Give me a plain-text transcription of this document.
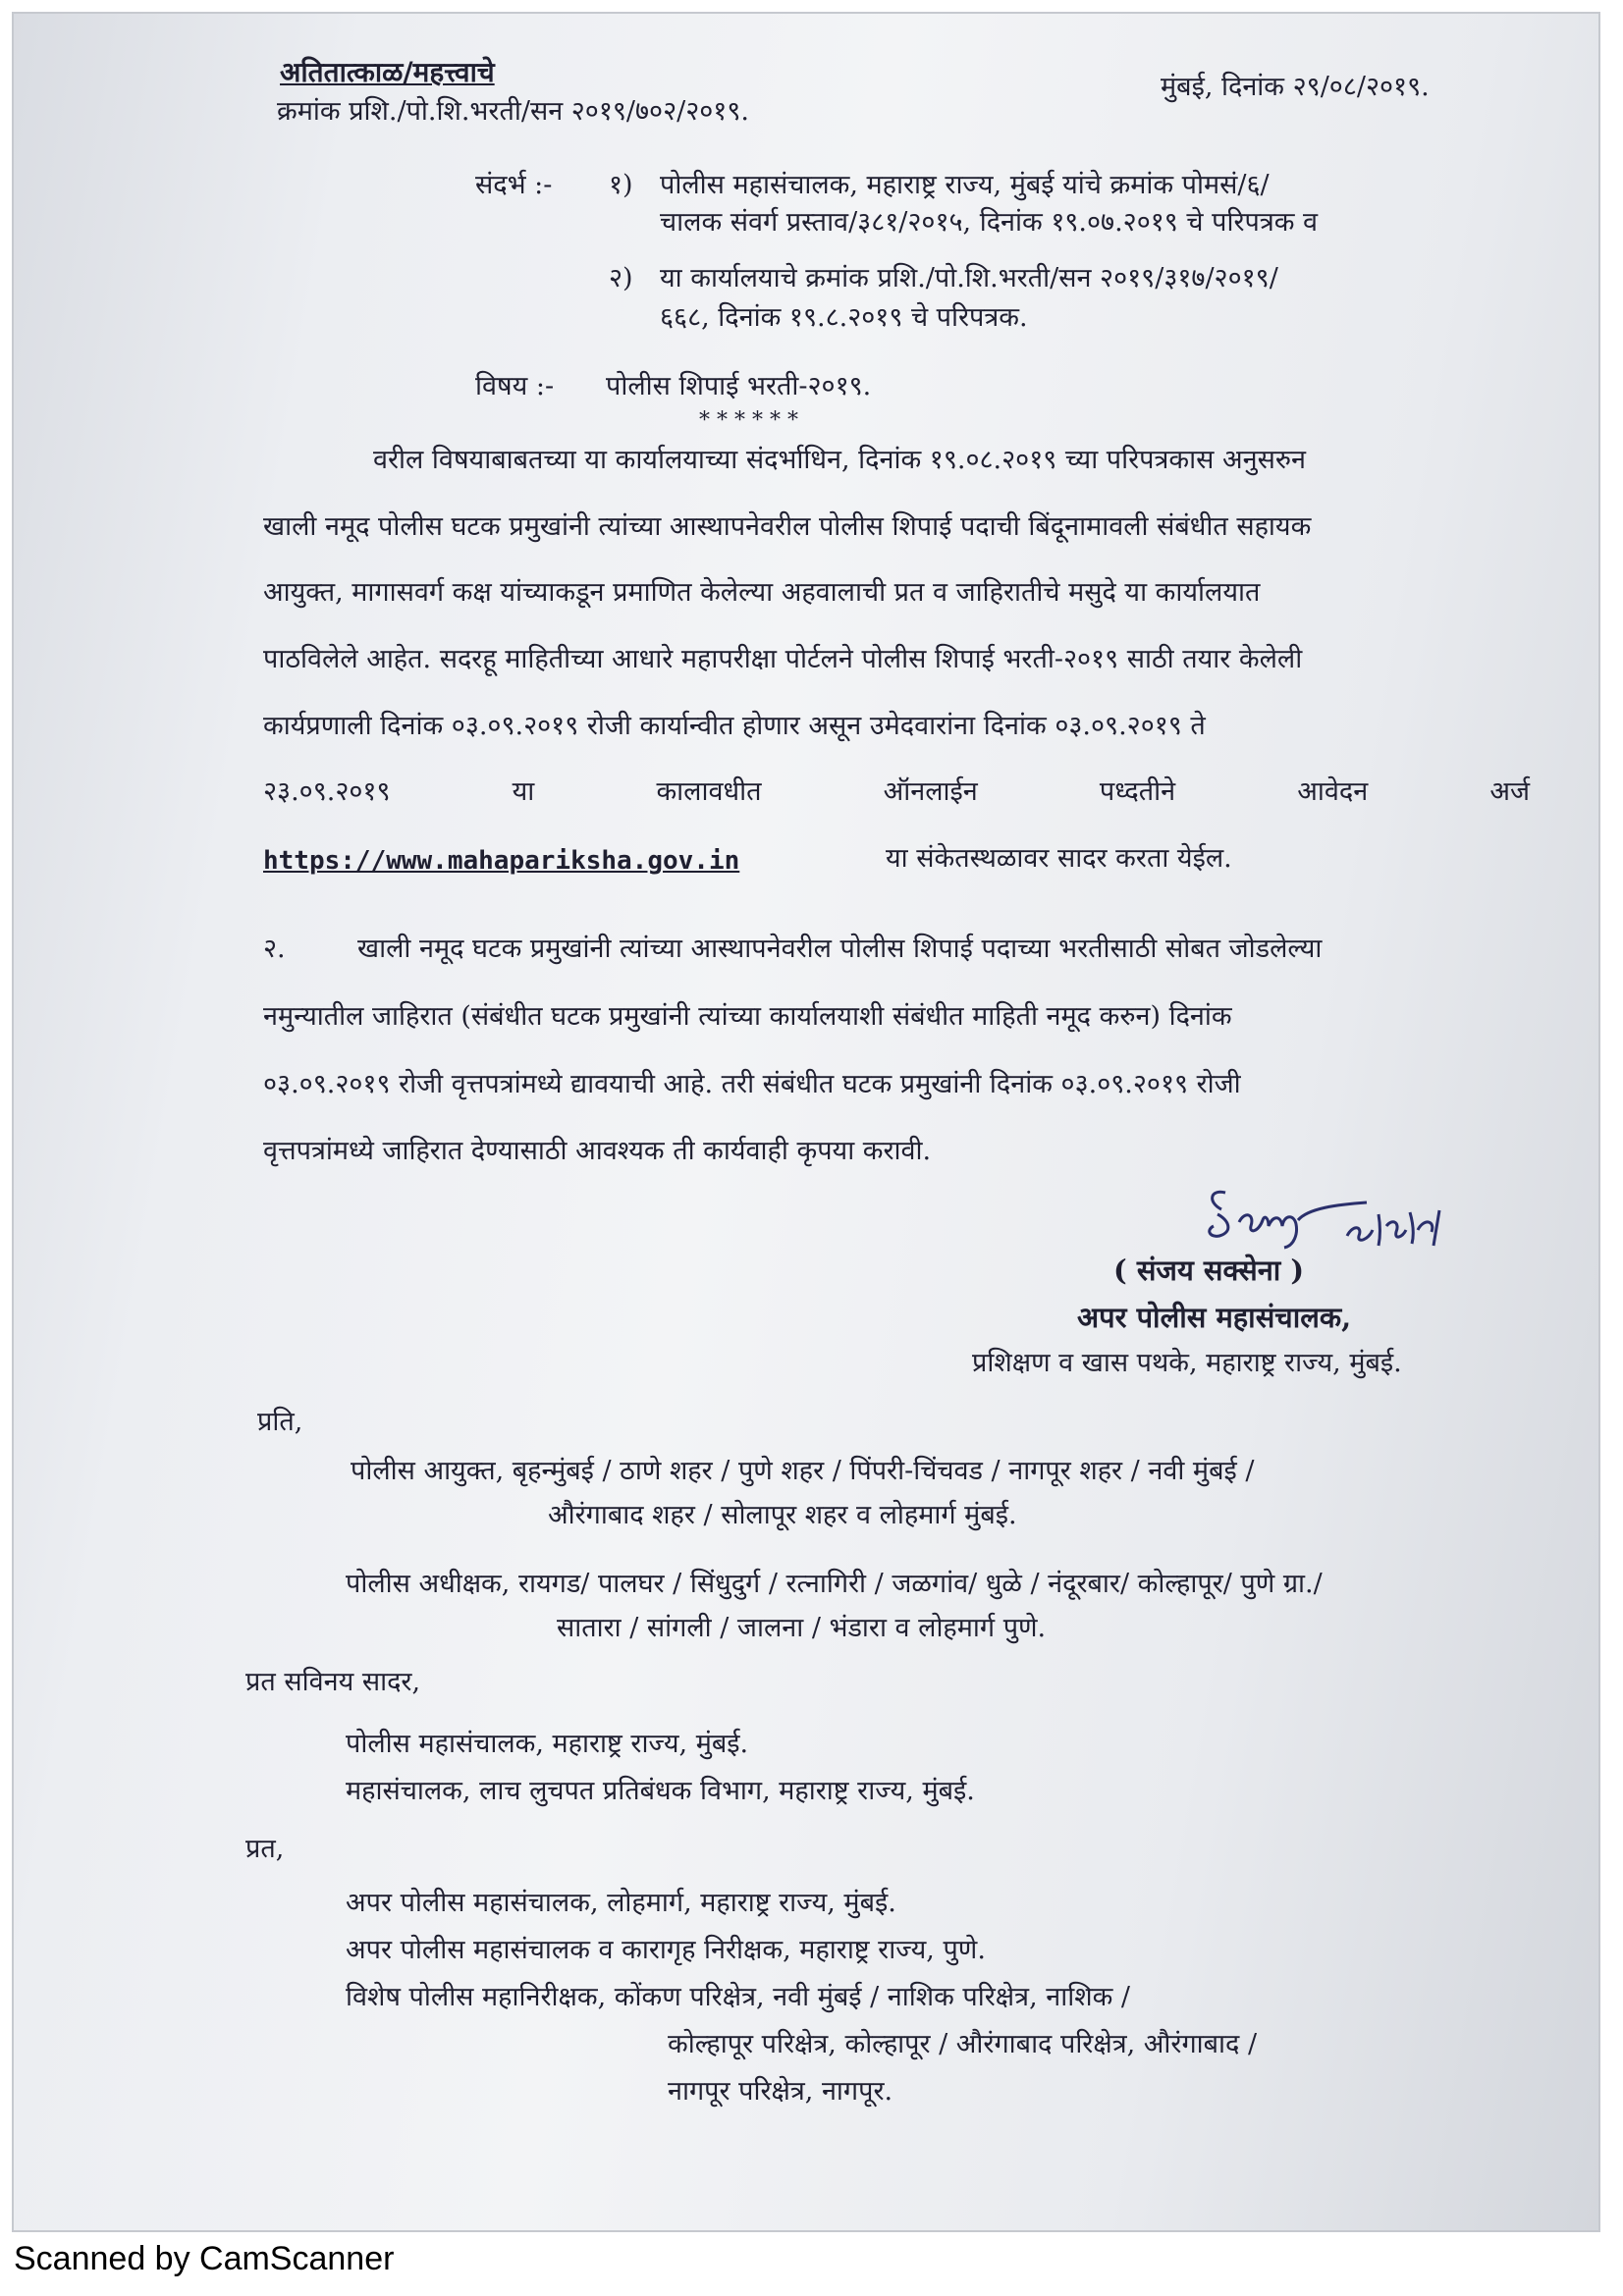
अतितात्काळ/महत्त्वाचे
क्रमांक प्रशि./पो.शि.भरती/सन २०१९/७०२/२०१९.
मुंबई, दिनांक २९/०८/२०१९.
संदर्भ :- १) पोलीस महासंचालक, महाराष्ट्र राज्य, मुंबई यांचे क्रमांक पोमसं/६/
चालक संवर्ग प्रस्ताव/३८१/२०१५, दिनांक १९.०७.२०१९ चे परिपत्रक व
२) या कार्यालयाचे क्रमांक प्रशि./पो.शि.भरती/सन २०१९/३१७/२०१९/
६६८, दिनांक १९.८.२०१९ चे परिपत्रक.
विषय :- पोलीस शिपाई भरती-२०१९.
* * * * * *
वरील विषयाबाबतच्या या कार्यालयाच्या संदर्भाधिन, दिनांक १९.०८.२०१९ च्या परिपत्रकास अनुसरुन
खाली नमूद पोलीस घटक प्रमुखांनी त्यांच्या आस्थापनेवरील पोलीस शिपाई पदाची बिंदूनामावली संबंधीत सहायक
आयुक्त, मागासवर्ग कक्ष यांच्याकडून प्रमाणित केलेल्या अहवालाची प्रत व जाहिरातीचे मसुदे या कार्यालयात
पाठविलेले आहेत. सदरहू माहितीच्या आधारे महापरीक्षा पोर्टलने पोलीस शिपाई भरती-२०१९ साठी तयार केलेली
कार्यप्रणाली दिनांक ०३.०९.२०१९ रोजी कार्यान्वीत होणार असून उमेदवारांना दिनांक ०३.०९.२०१९ ते
२३.०९.२०१९	या	कालावधीत	ऑनलाईन	पध्दतीने	आवेदन	अर्ज
https://www.mahapariksha.gov.in	या संकेतस्थळावर सादर करता येईल.
२.	खाली नमूद घटक प्रमुखांनी त्यांच्या आस्थापनेवरील पोलीस शिपाई पदाच्या भरतीसाठी सोबत जोडलेल्या
नमुन्यातील जाहिरात (संबंधीत घटक प्रमुखांनी त्यांच्या कार्यालयाशी संबंधीत माहिती नमूद करुन) दिनांक
०३.०९.२०१९ रोजी वृत्तपत्रांमध्ये द्यावयाची आहे. तरी संबंधीत घटक प्रमुखांनी दिनांक ०३.०९.२०१९ रोजी
वृत्तपत्रांमध्ये जाहिरात देण्यासाठी आवश्यक ती कार्यवाही कृपया करावी.
( संजय सक्सेना )
अपर पोलीस महासंचालक,
प्रशिक्षण व खास पथके, महाराष्ट्र राज्य, मुंबई.
प्रति,
पोलीस आयुक्त, बृहन्मुंबई / ठाणे शहर / पुणे शहर / पिंपरी-चिंचवड / नागपूर शहर / नवी मुंबई /
औरंगाबाद शहर / सोलापूर शहर व लोहमार्ग मुंबई.
पोलीस अधीक्षक, रायगड/ पालघर / सिंधुदुर्ग / रत्नागिरी / जळगांव/ धुळे / नंदूरबार/ कोल्हापूर/ पुणे ग्रा./
सातारा / सांगली / जालना / भंडारा व लोहमार्ग पुणे.
प्रत सविनय सादर,
पोलीस महासंचालक, महाराष्ट्र राज्य, मुंबई.
महासंचालक, लाच लुचपत प्रतिबंधक विभाग, महाराष्ट्र राज्य, मुंबई.
प्रत,
अपर पोलीस महासंचालक, लोहमार्ग, महाराष्ट्र राज्य, मुंबई.
अपर पोलीस महासंचालक व कारागृह निरीक्षक, महाराष्ट्र राज्य, पुणे.
विशेष पोलीस महानिरीक्षक, कोंकण परिक्षेत्र, नवी मुंबई / नाशिक परिक्षेत्र, नाशिक /
कोल्हापूर परिक्षेत्र, कोल्हापूर / औरंगाबाद परिक्षेत्र, औरंगाबाद /
नागपूर परिक्षेत्र, नागपूर.
Scanned by CamScanner
